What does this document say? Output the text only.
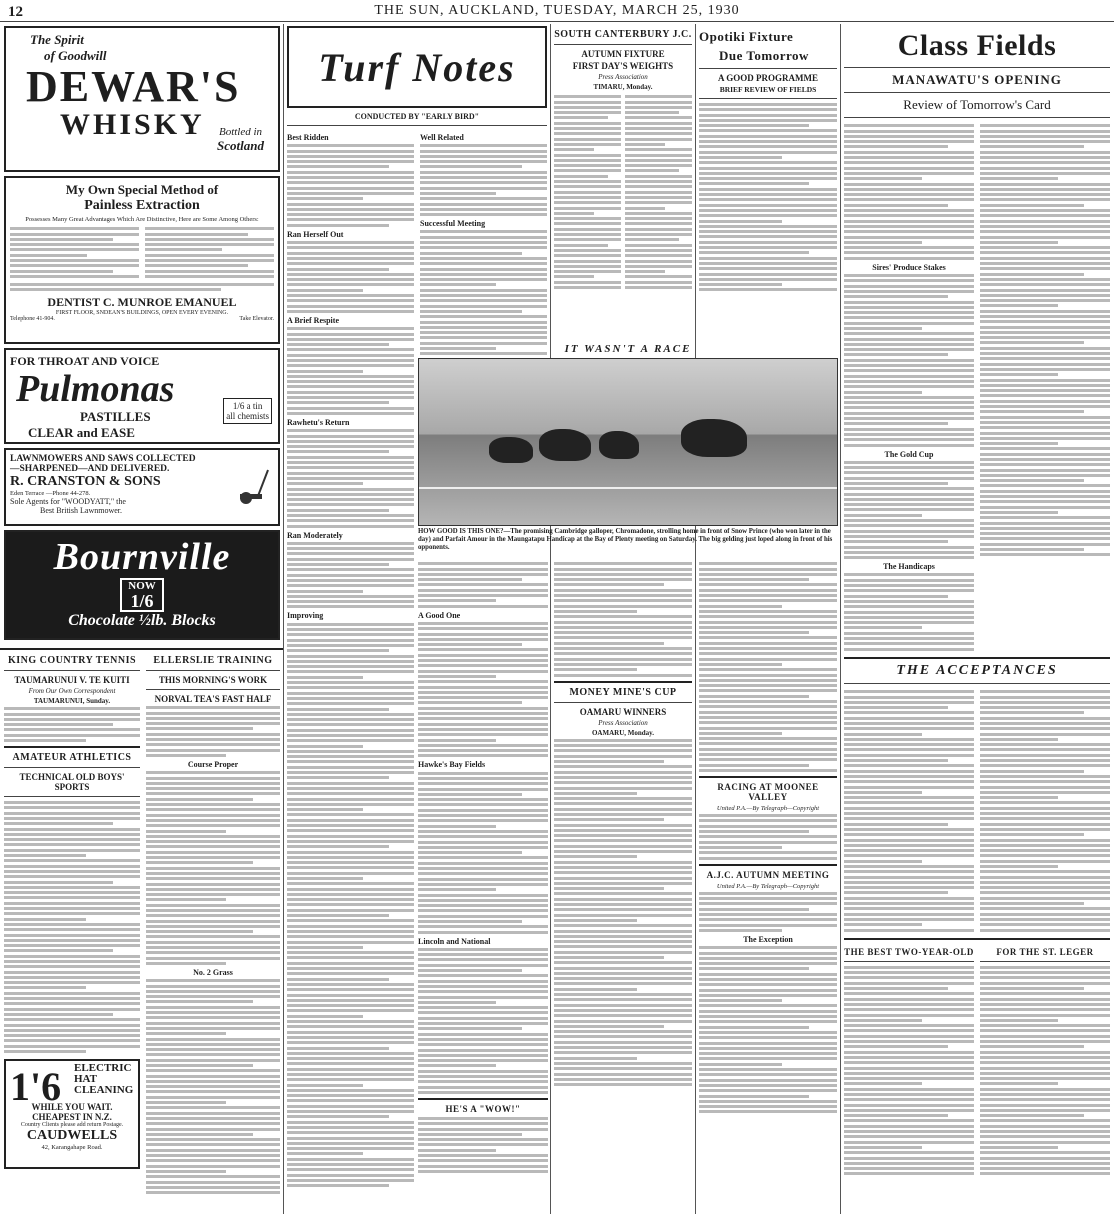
12	THE SUN, AUCKLAND, TUESDAY, MARCH 25, 1930
The Spirit
of Goodwill
DEWAR'S
WHISKY	Bottled in
Scotland
My Own Special Method of
Painless Extraction
Possesses Many Great Advantages Which Are Distinctive, Here are Some Among Others:
DENTIST C. MUNROE EMANUEL
FIRST FLOOR, SNDEAN'S BUILDINGS, OPEN EVERY EVENING.
Telephone 41-904.	Take Elevator.
FOR THROAT AND VOICE
Pulmonas
PASTILLES
CLEAR and EASE
1/6 a tin
all chemists
LAWNMOWERS AND SAWS COLLECTED
—SHARPENED—AND DELIVERED.
R. CRANSTON & SONS
Eden Terrace —Phone 44-278.
Sole Agents for "WOODYATT," the
Best British Lawnmower.
Bournville
NOW
1/6
Chocolate ½lb. Blocks
KING COUNTRY TENNIS
TAUMARUNUI V. TE KUITI
From Our Own Correspondent
TAUMARUNUI, Sunday.
AMATEUR ATHLETICS
TECHNICAL OLD BOYS' SPORTS
1'6 ELECTRIC
HAT
CLEANING
WHILE YOU WAIT.
CHEAPEST IN N.Z.
Country Clients please add return Postage.
CAUDWELLS
42, Karangahape Road.
ELLERSLIE TRAINING
THIS MORNING'S WORK
NORVAL TEA'S FAST HALF
Course Proper
No. 2 Grass
Turf Notes
CONDUCTED BY "EARLY BIRD"
Best Ridden
Ran Herself Out
A Brief Respite
Rawhetu's Return
Ran Moderately
Improving
Well Related
Successful Meeting
IT WASN'T A RACE
HOW GOOD IS THIS ONE?—The promising Cambridge galloper, Chromadone, strolling home in front of Snow Prince (who won later in the day) and Parfait Amour in the Maungatapu Handicap at the Bay of Plenty meeting on Saturday. The big gelding just loped along in front of his opponents.
SOUTH CANTERBURY J.C.
AUTUMN FIXTURE
FIRST DAY'S WEIGHTS
Press Association
TIMARU, Monday.
Opotiki Fixture
Due Tomorrow
A GOOD PROGRAMME
BRIEF REVIEW OF FIELDS
A Good One
Hawke's Bay Fields
Lincoln and National
HE'S A "WOW!"
MONEY MINE'S CUP
OAMARU WINNERS
Press Association
OAMARU, Monday.
RACING AT MOONEE VALLEY
United P.A.—By Telegraph—Copyright
A.J.C. AUTUMN MEETING
United P.A.—By Telegraph—Copyright
The Exception
Class Fields
MANAWATU'S OPENING
Review of Tomorrow's Card
Sires' Produce Stakes
The Gold Cup
The Handicaps
THE ACCEPTANCES
THE BEST TWO-YEAR-OLD	FOR THE ST. LEGER
